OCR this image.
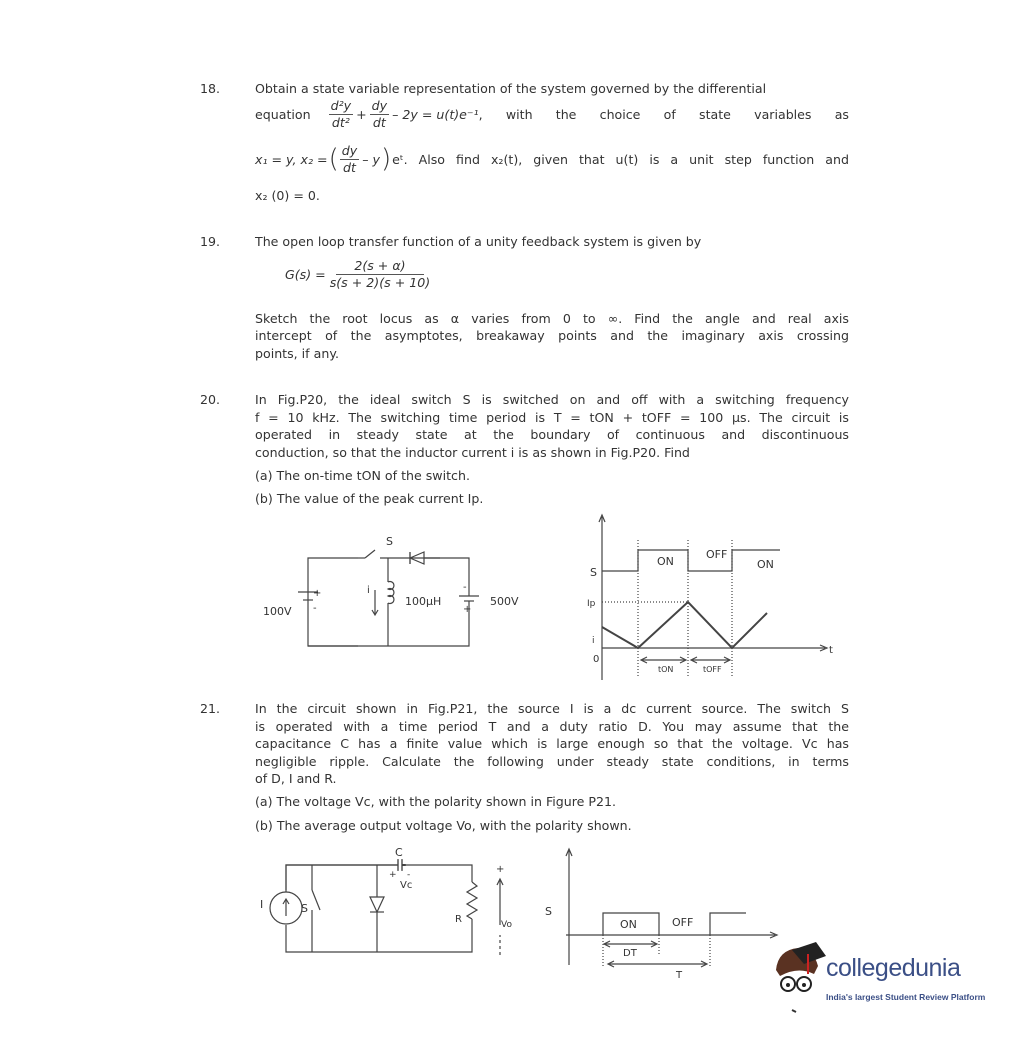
18.	Obtain a state variable representation of the system governed by the differential
equation $\frac{\text{d²y}}{\text{dt²}} + \frac{dy}{dt} - 2y = u(t)e^{-1}$ , with the choice of state variables as
x₁ = y, x₂ = ( $\frac{dy}{dt}$ – y ) eᵗ. Also find x₂(t), given that u(t) is a unit step function and
x₂ (0) = 0.
19.	The open loop transfer function of a unity feedback system is given by
$G(s) = \frac{2(s + \alpha)}{s(s + 2)(s + 10)}$
Sketch the root locus as α varies from 0 to ∞. Find the angle and real axis
intercept of the asymptotes, breakaway points and the imaginary axis crossing
points, if any.
20.	In Fig.P20, the ideal switch S is switched on and off with a switching frequency
f = 10 kHz. The switching time period is T = tON + tOFF = 100 μs. The circuit is
operated in steady state at the boundary of continuous and discontinuous
conduction, so that the inductor current i is as shown in Fig.P20. Find
(a) The on-time tON of the switch.
(b) The value of the peak current Ip.
S
100V
+
-
i
100μH	500V
-
+
S
ON
OFF
ON
Ip
i
0
tON	tOFF
t
21.	In the circuit shown in Fig.P21, the source I is a dc current source. The switch S
is operated with a time period T and a duty ratio D. You may assume that the
capacitance C has a finite value which is large enough so that the voltage. Vc has
negligible ripple. Calculate the following under steady state conditions, in terms
of D, I and R.
(a) The voltage Vc, with the polarity shown in Figure P21.
(b) The average output voltage Vo, with the polarity shown.
I	S
C
+ -
Vc
R
+
Vo
S
ON	OFF
DT
T	collegedunia
India's largest Student Review Platform
